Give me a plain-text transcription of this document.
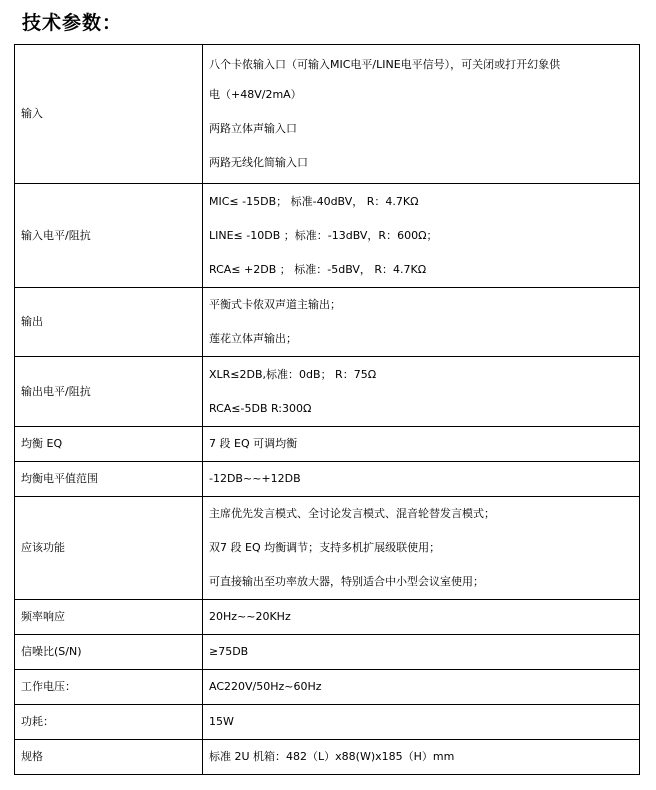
技术参数：
输入	八个卡侬输入口（可输入MIC电平/LINE电平信号），可关闭或打开幻象供
电（+48V/2mA）
两路立体声输入口
两路无线化简输入口

输入电平/阻抗	MIC≤ -15DB； 标准-40dBV， R：4.7KΩ
LINE≤ -10DB ；标准：-13dBV，R：600Ω；
RCA≤ +2DB ； 标准：-5dBV， R：4.7KΩ

输出	平衡式卡侬双声道主输出；
莲花立体声输出；

输出电平/阻抗	XLR≤2DB,标准：0dB； R：75Ω
RCA≤-5DB R:300Ω

均衡 EQ	7 段 EQ 可调均衡

均衡电平值范围	-12DB~~+12DB

应该功能	主席优先发言模式、全讨论发言模式、混音轮替发言模式；
双7 段 EQ 均衡调节；支持多机扩展级联使用；
可直接输出至功率放大器，特别适合中小型会议室使用；

频率响应	20Hz~~20KHz

信噪比(S/N)	≥75DB

工作电压：	AC220V/50Hz~60Hz

功耗：	15W

规格	标准 2U 机箱：482（L）x88(W)x185（H）mm
